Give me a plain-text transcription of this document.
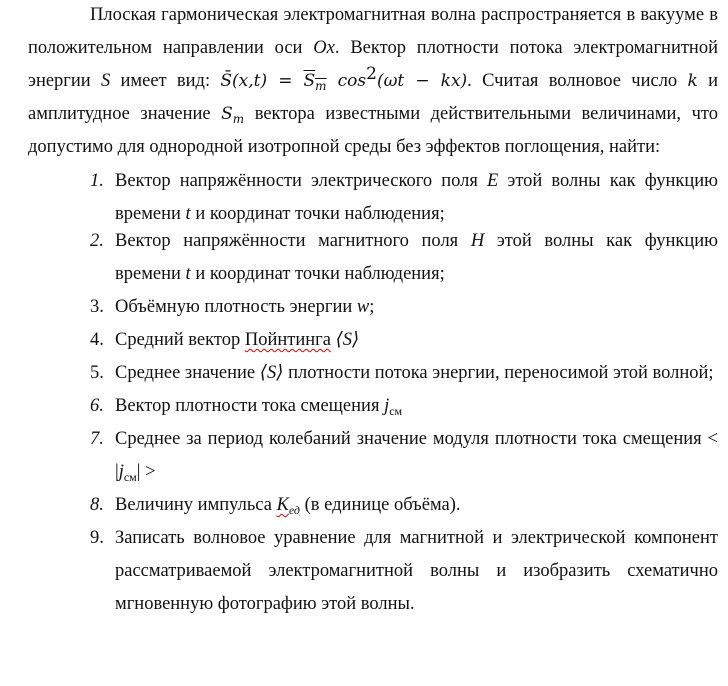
Плоская гармоническая электромагнитная волна распространяется в вакууме в положительном направлении оси Ox. Вектор плотности потока электромагнитной энергии S имеет вид: S̄(x,t) = $S_m$ $\cos^2(\omega t - kx)$. Считая волновое число k и амплитудное значение $S_m$ вектора известными действительными величинами, что допустимо для однородной изотропной среды без эффектов поглощения, найти:

1. Вектор напряжённости электрического поля E этой волны как функцию времени t и координат точки наблюдения;
2. Вектор напряжённости магнитного поля H этой волны как функцию времени t и координат точки наблюдения;
3. Объёмную плотность энергии w;
4. Средний вектор Пойнтинга ⟨S⟩
5. Среднее значение ⟨S⟩ плотности потока энергии, переносимой этой волной;
6. Вектор плотности тока смещения $j_{см}$
7. Среднее за период колебаний значение модуля плотности тока смещения < $|j_{см}|$ >
8. Величину импульса $K_{ед}$ (в единице объёма).
9. Записать волновое уравнение для магнитной и электрической компонент рассматриваемой электромагнитной волны и изобразить схематично мгновенную фотографию этой волны.
